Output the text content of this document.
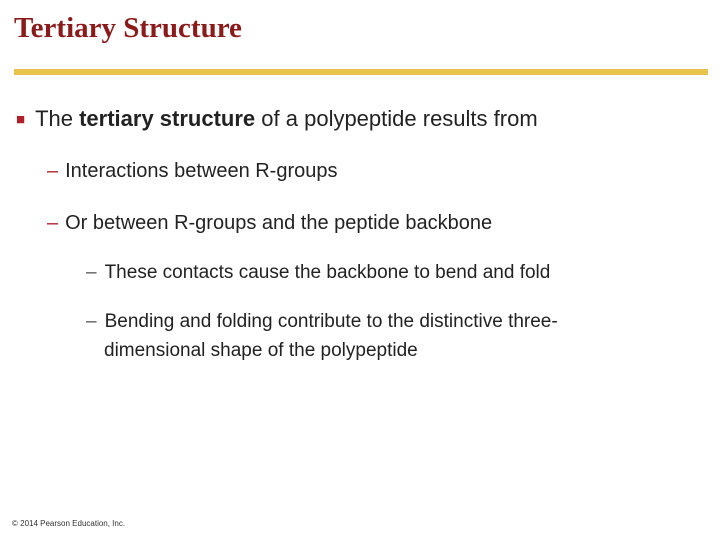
Tertiary Structure
■ The tertiary structure of a polypeptide results from
– Interactions between R-groups
– Or between R-groups and the peptide backbone
– These contacts cause the backbone to bend and fold
– Bending and folding contribute to the distinctive three-
dimensional shape of the polypeptide
© 2014 Pearson Education, Inc.
